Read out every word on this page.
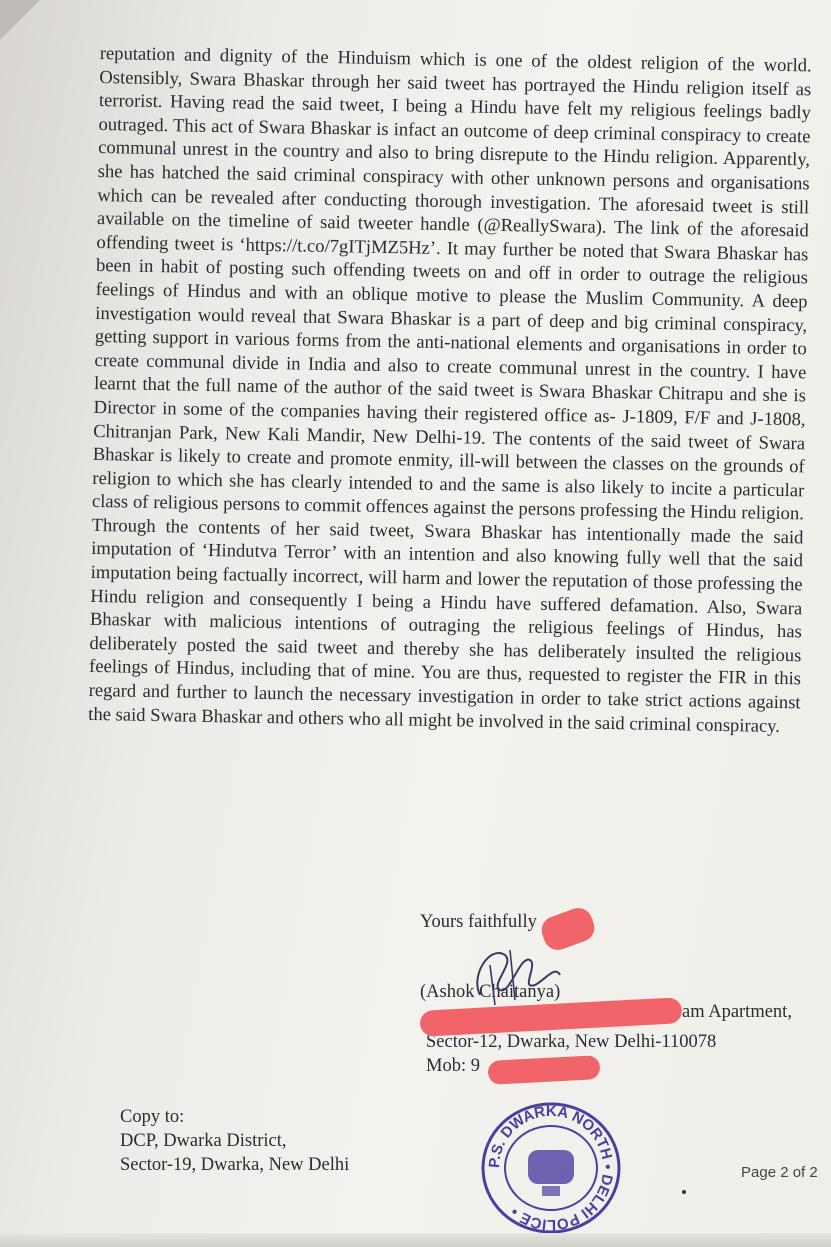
reputation and dignity of the Hinduism which is one of the oldest religion of the world. Ostensibly, Swara Bhaskar through her said tweet has portrayed the Hindu religion itself as terrorist. Having read the said tweet, I being a Hindu have felt my religious feelings badly outraged. This act of Swara Bhaskar is infact an outcome of deep criminal conspiracy to create communal unrest in the country and also to bring disrepute to the Hindu religion. Apparently, she has hatched the said criminal conspiracy with other unknown persons and organisations which can be revealed after conducting thorough investigation. The aforesaid tweet is still available on the timeline of said tweeter handle (@ReallySwara). The link of the aforesaid offending tweet is ‘https://t.co/7gITjMZ5Hz’. It may further be noted that Swara Bhaskar has been in habit of posting such offending tweets on and off in order to outrage the religious feelings of Hindus and with an oblique motive to please the Muslim Community. A deep investigation would reveal that Swara Bhaskar is a part of deep and big criminal conspiracy, getting support in various forms from the anti-national elements and organisations in order to create communal divide in India and also to create communal unrest in the country. I have learnt that the full name of the author of the said tweet is Swara Bhaskar Chitrapu and she is Director in some of the companies having their registered office as- J-1809, F/F and J-1808, Chitranjan Park, New Kali Mandir, New Delhi-19. The contents of the said tweet of Swara Bhaskar is likely to create and promote enmity, ill-will between the classes on the grounds of religion to which she has clearly intended to and the same is also likely to incite a particular class of religious persons to commit offences against the persons professing the Hindu religion. Through the contents of her said tweet, Swara Bhaskar has intentionally made the said imputation of ‘Hindutva Terror’ with an intention and also knowing fully well that the said imputation being factually incorrect, will harm and lower the reputation of those professing the Hindu religion and consequently I being a Hindu have suffered defamation. Also, Swara Bhaskar with malicious intentions of outraging the religious feelings of Hindus, has deliberately posted the said tweet and thereby she has deliberately insulted the religious feelings of Hindus, including that of mine. You are thus, requested to register the FIR in this regard and further to launch the necessary investigation in order to take strict actions against the said Swara Bhaskar and others who all might be involved in the said criminal conspiracy.

Yours faithfully
(Ashok Chaitanya)
am Apartment,
Sector-12, Dwarka, New Delhi-110078
Mob: 9
Copy to:
DCP, Dwarka District,
Sector-19, Dwarka, New Delhi	P.S. DWARKA NORTH • DELHI POLICE •
Page 2 of 2
